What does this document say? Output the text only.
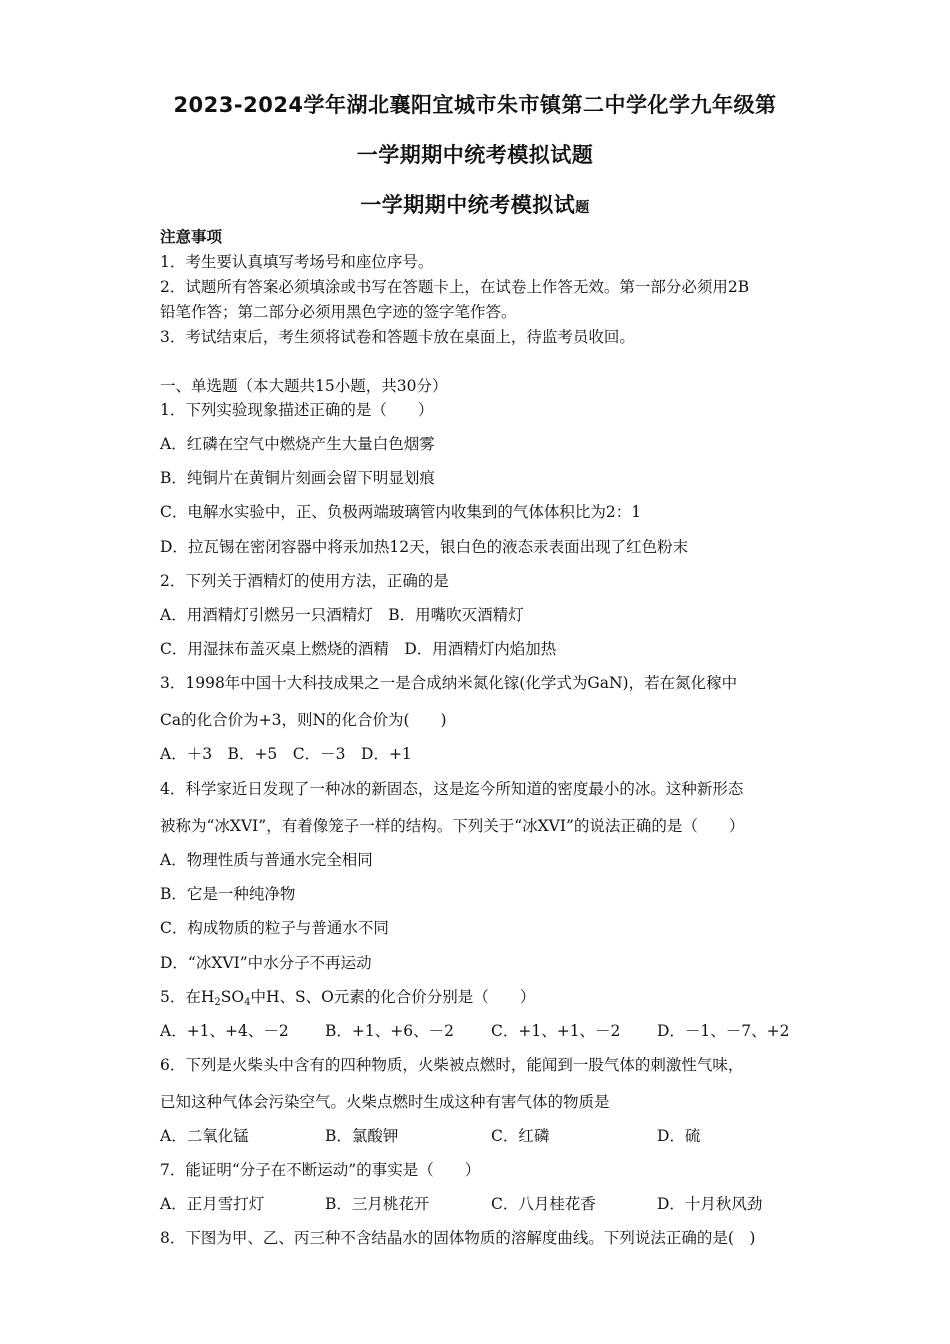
2023-2024学年湖北襄阳宜城市朱市镇第二中学化学九年级第
一学期期中统考模拟试题
一学期期中统考模拟试题
注意事项
1．考生要认真填写考场号和座位序号。
2．试题所有答案必须填涂或书写在答题卡上，在试卷上作答无效。第一部分必须用2B
铅笔作答；第二部分必须用黑色字迹的签字笔作答。
3．考试结束后，考生须将试卷和答题卡放在桌面上，待监考员收回。
一、单选题（本大题共15小题，共30分）
1．下列实验现象描述正确的是（　　）
A．红磷在空气中燃烧产生大量白色烟雾
B．纯铜片在黄铜片刻画会留下明显划痕
C．电解水实验中，正、负极两端玻璃管内收集到的气体体积比为2：1
D．拉瓦锡在密闭容器中将汞加热12天，银白色的液态汞表面出现了红色粉末
2．下列关于酒精灯的使用方法，正确的是
A．用酒精灯引燃另一只酒精灯　B．用嘴吹灭酒精灯
C．用湿抹布盖灭桌上燃烧的酒精　D．用酒精灯内焰加热
3．1998年中国十大科技成果之一是合成纳米氮化镓(化学式为GaN)，若在氮化稼中
Ca的化合价为+3，则N的化合价为(　　)
A．＋3　B．+5　C．－3　D．+1
4．科学家近日发现了一种冰的新固态，这是迄今所知道的密度最小的冰。这种新形态
被称为“冰XVI”，有着像笼子一样的结构。下列关于“冰XVI”的说法正确的是（　　）
A．物理性质与普通水完全相同
B．它是一种纯净物
C．构成物质的粒子与普通水不同
D．“冰XVI”中水分子不再运动
5．在$H_2SO_4$中H、S、O元素的化合价分别是（　　）
A．+1、+4、－2 B．+1、+6、－2 C．+1、+1、－2 D．－1、－7、+2
6．下列是火柴头中含有的四种物质，火柴被点燃时，能闻到一股气体的刺激性气味，
已知这种气体会污染空气。火柴点燃时生成这种有害气体的物质是
A．二氧化锰	B．氯酸钾	C．红磷	D．硫
7．能证明“分子在不断运动”的事实是（　　）
A．正月雪打灯	B．三月桃花开	C．八月桂花香	D．十月秋风劲
8．下图为甲、乙、丙三种不含结晶水的固体物质的溶解度曲线。下列说法正确的是(　)
